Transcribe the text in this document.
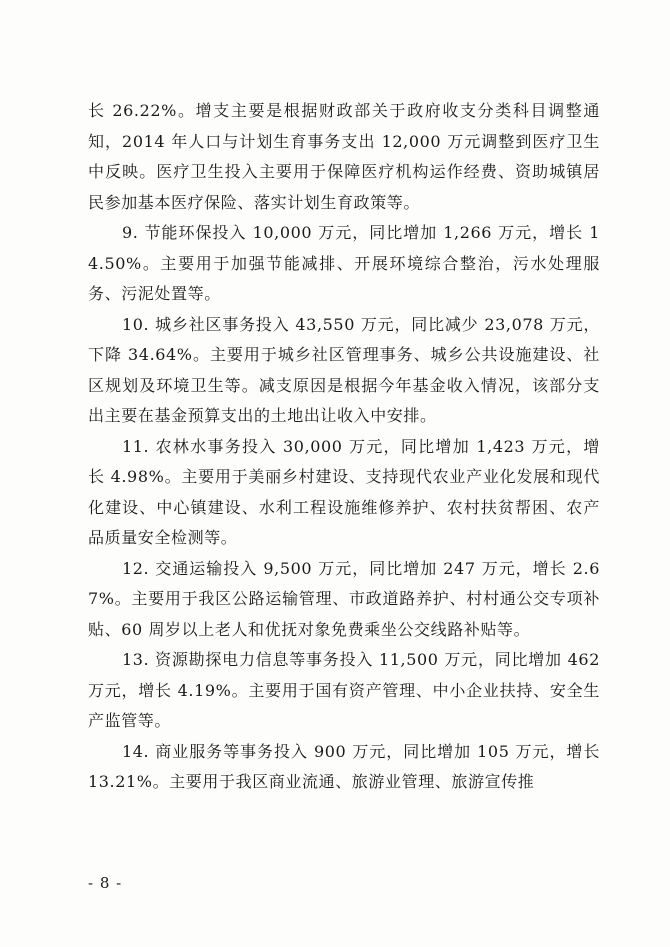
长 26.22%。增支主要是根据财政部关于政府收支分类科目调整通知，2014 年人口与计划生育事务支出 12,000 万元调整到医疗卫生中反映。医疗卫生投入主要用于保障医疗机构运作经费、资助城镇居民参加基本医疗保险、落实计划生育政策等。

9. 节能环保投入 10,000 万元，同比增加 1,266 万元，增长 14.50%。主要用于加强节能减排、开展环境综合整治，污水处理服务、污泥处置等。

10. 城乡社区事务投入 43,550 万元，同比减少 23,078 万元，下降 34.64%。主要用于城乡社区管理事务、城乡公共设施建设、社区规划及环境卫生等。减支原因是根据今年基金收入情况，该部分支出主要在基金预算支出的土地出让收入中安排。

11. 农林水事务投入 30,000 万元，同比增加 1,423 万元，增长 4.98%。主要用于美丽乡村建设、支持现代农业产业化发展和现代化建设、中心镇建设、水利工程设施维修养护、农村扶贫帮困、农产品质量安全检测等。

12. 交通运输投入 9,500 万元，同比增加 247 万元，增长 2.67%。主要用于我区公路运输管理、市政道路养护、村村通公交专项补贴、60 周岁以上老人和优抚对象免费乘坐公交线路补贴等。

13. 资源勘探电力信息等事务投入 11,500 万元，同比增加 462 万元，增长 4.19%。主要用于国有资产管理、中小企业扶持、安全生产监管等。

14. 商业服务等事务投入 900 万元，同比增加 105 万元，增长 13.21%。主要用于我区商业流通、旅游业管理、旅游宣传推

- 8 -
